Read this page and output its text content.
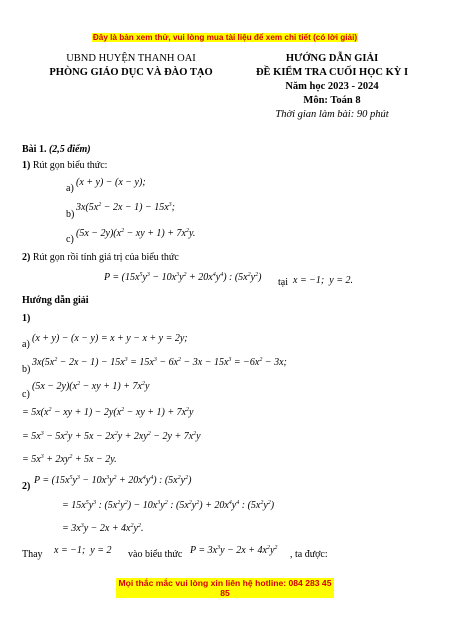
Đây là bản xem thử, vui lòng mua tài liệu để xem chi tiết (có lời giải)
UBND HUYỆN THANH OAI
PHÒNG GIÁO DỤC VÀ ĐÀO TẠO
HƯỚNG DẪN GIẢI
ĐỀ KIỂM TRA CUỐI HỌC KỲ I
Năm học 2023 - 2024
Môn: Toán 8
Thời gian làm bài: 90 phút
Bài 1. (2,5 điểm)
1) Rút gọn biểu thức:
a)
(x + y) − (x − y);
b)
$3x(5x^2 - 2x - 1) - 15x^3$;
c)
$(5x - 2y)(x^2$ − xy + $1) + 7x^2y$.
2) Rút gọn rồi tính giá trị của biểu thức
$P = (15x^5y^3 - 10x^3y^2 + 20x^4y^4)$ : $(5x^2y^2)$ tại x = −1;  y = 2.
Hướng dẫn giải
1)
a)
(x + y) − (x − y) = x + y − x + y = 2y;
b)
$3x(5x^2 - 2x - 1) - 15x^3 = 15x^3 - 6x^2 - 3x - 15x^3 = -6x^2 - 3x$;
c)
$(5x - 2y)(x^2$ − xy + $1) + 7x^2y$
= $5x(x^2$ − xy + $1) - 2y(x^2$ − xy + $1) + 7x^2y$
= $5x^3 - 5x^2y + 5x - 2x^2y + 2xy^2 - 2y + 7x^2y$
= $5x^3 + 2xy^2 + 5x - 2y$.
2)
$P = (15x^5y^3 - 10x^3y^2 + 20x^4y^4)$ : $(5x^2y^2)$
= $15x^5y^3$ : $(5x^2y^2) - 10x^3y^2$ : $(5x^2y^2) + 20x^4y^4$ : $(5x^2y^2)$
= $3x^3y - 2x + 4x^2y^2$.
Thay x = −1;  y = 2 vào biểu thức $P = 3x^3y - 2x + 4x^2y^2$
, ta được:
Mọi thắc mắc vui lòng xin liên hệ hotline: 084 283 45 85
